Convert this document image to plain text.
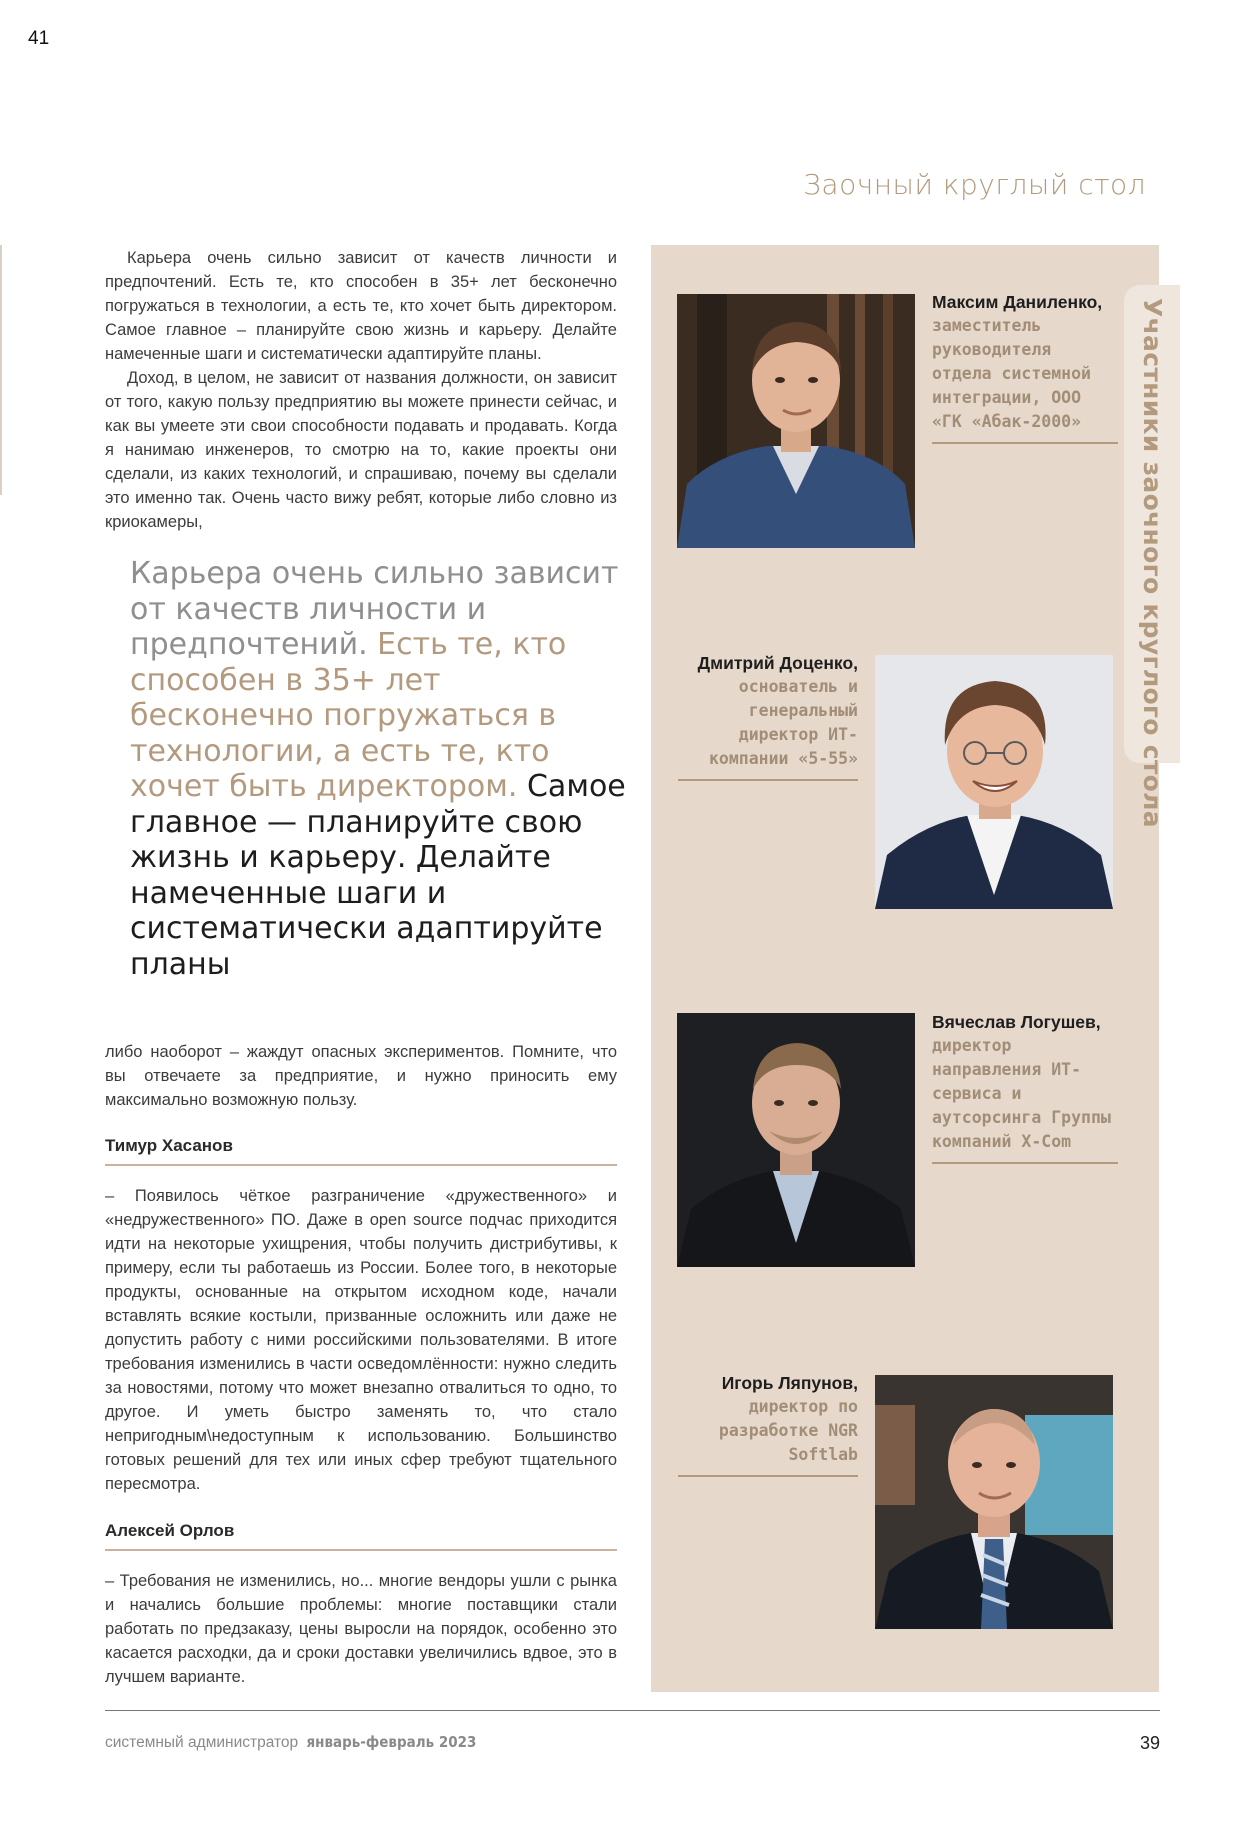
41
Заочный круглый стол

Карьера очень сильно зависит от качеств личности и предпочтений. Есть те, кто способен в 35+ лет бесконечно погружаться в технологии, а есть те, кто хочет быть директором. Самое главное – планируйте свою жизнь и карьеру. Делайте намеченные шаги и систематически адаптируйте планы.

Доход, в целом, не зависит от названия должности, он зависит от того, какую пользу предприятию вы можете принести сейчас, и как вы умеете эти свои способности подавать и продавать. Когда я нанимаю инженеров, то смотрю на то, какие проекты они сделали, из каких технологий, и спрашиваю, почему вы сделали это именно так. Очень часто вижу ребят, которые либо словно из криокамеры,

Карьера очень сильно зависит от качеств личности и предпочтений. Есть те, кто способен в 35+ лет бесконечно погружаться в технологии, а есть те, кто хочет быть директором. Самое главное — планируйте свою жизнь и карьеру. Делайте намеченные шаги и систематически адаптируйте планы

либо наоборот – жаждут опасных экспериментов. Помните, что вы отвечаете за предприятие, и нужно приносить ему максимально возможную пользу.

Тимур Хасанов

– Появилось чёткое разграничение «дружественного» и «недружественного» ПО. Даже в open source подчас приходится идти на некоторые ухищрения, чтобы получить дистрибутивы, к примеру, если ты работаешь из России. Более того, в некоторые продукты, основанные на открытом исходном коде, начали вставлять всякие костыли, призванные осложнить или даже не допустить работу с ними российскими пользователями. В итоге требования изменились в части осведомлённости: нужно следить за новостями, потому что может внезапно отвалиться то одно, то другое. И уметь быстро заменять то, что стало непригодным\недоступным к использованию. Большинство готовых решений для тех или иных сфер требуют тщательного пересмотра.

Алексей Орлов

– Требования не изменились, но... многие вендоры ушли с рынка и начались большие проблемы: многие поставщики стали работать по предзаказу, цены выросли на порядок, особенно это касается расходки, да и сроки доставки увеличились вдвое, это в лучшем варианте.

Участники заочного круглого стола
Максим Даниленко,
заместитель руководителя отдела системной интеграции, ООО «ГК «Абак-2000»
Дмитрий Доценко,
основатель и генеральный директор ИТ-компании «5-55»
Вячеслав Логушев,
директор направления ИТ-сервиса и аутсорсинга Группы компаний X-Com
Игорь Ляпунов,
директор по разработке NGR Softlab
системный администратор январь-февраль 2023	39
